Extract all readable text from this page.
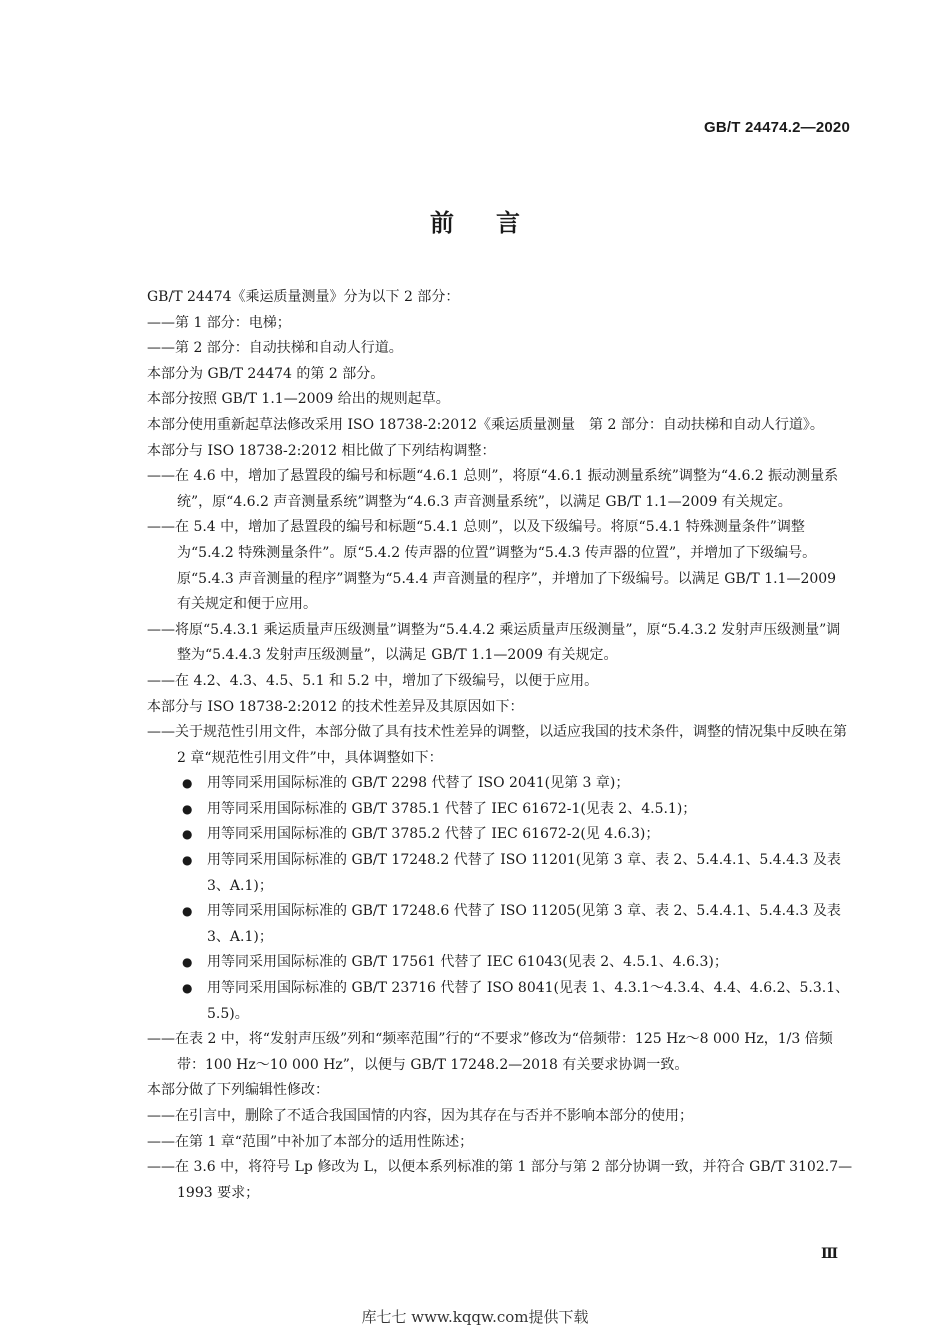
GB/T 24474.2—2020
前言

GB/T 24474《乘运质量测量》分为以下 2 部分：

——第 1 部分：电梯；

——第 2 部分：自动扶梯和自动人行道。

本部分为 GB/T 24474 的第 2 部分。

本部分按照 GB/T 1.1—2009 给出的规则起草。

本部分使用重新起草法修改采用 ISO 18738-2:2012《乘运质量测量　第 2 部分：自动扶梯和自动人行道》。

本部分与 ISO 18738-2:2012 相比做了下列结构调整：

——在 4.6 中，增加了悬置段的编号和标题“4.6.1 总则”，将原“4.6.1 振动测量系统”调整为“4.6.2 振动测量系统”，原“4.6.2 声音测量系统”调整为“4.6.3 声音测量系统”，以满足 GB/T 1.1—2009 有关规定。

——在 5.4 中，增加了悬置段的编号和标题“5.4.1 总则”，以及下级编号。将原“5.4.1 特殊测量条件”调整为“5.4.2 特殊测量条件”。原“5.4.2 传声器的位置”调整为“5.4.3 传声器的位置”，并增加了下级编号。原“5.4.3 声音测量的程序”调整为“5.4.4 声音测量的程序”，并增加了下级编号。以满足 GB/T 1.1—2009 有关规定和便于应用。

——将原“5.4.3.1 乘运质量声压级测量”调整为“5.4.4.2 乘运质量声压级测量”，原“5.4.3.2 发射声压级测量”调整为“5.4.4.3 发射声压级测量”，以满足 GB/T 1.1—2009 有关规定。

——在 4.2、4.3、4.5、5.1 和 5.2 中，增加了下级编号，以便于应用。

本部分与 ISO 18738-2:2012 的技术性差异及其原因如下：

——关于规范性引用文件，本部分做了具有技术性差异的调整，以适应我国的技术条件，调整的情况集中反映在第 2 章“规范性引用文件”中，具体调整如下：

● 用等同采用国际标准的 GB/T 2298 代替了 ISO 2041(见第 3 章)；

● 用等同采用国际标准的 GB/T 3785.1 代替了 IEC 61672-1(见表 2、4.5.1)；

● 用等同采用国际标准的 GB/T 3785.2 代替了 IEC 61672-2(见 4.6.3)；

● 用等同采用国际标准的 GB/T 17248.2 代替了 ISO 11201(见第 3 章、表 2、5.4.4.1、5.4.4.3 及表 3、A.1)；

● 用等同采用国际标准的 GB/T 17248.6 代替了 ISO 11205(见第 3 章、表 2、5.4.4.1、5.4.4.3 及表 3、A.1)；

● 用等同采用国际标准的 GB/T 17561 代替了 IEC 61043(见表 2、4.5.1、4.6.3)；

● 用等同采用国际标准的 GB/T 23716 代替了 ISO 8041(见表 1、4.3.1～4.3.4、4.4、4.6.2、5.3.1、5.5)。

——在表 2 中，将“发射声压级”列和“频率范围”行的“不要求”修改为“倍频带：125 Hz～8 000 Hz，1/3 倍频带：100 Hz～10 000 Hz”，以便与 GB/T 17248.2—2018 有关要求协调一致。

本部分做了下列编辑性修改：

——在引言中，删除了不适合我国国情的内容，因为其存在与否并不影响本部分的使用；

——在第 1 章“范围”中补加了本部分的适用性陈述；

——在 3.6 中，将符号 Lp 修改为 L，以便本系列标准的第 1 部分与第 2 部分协调一致，并符合 GB/T 3102.7—1993 要求；

Ⅲ
库七七 www.kqqw.com提供下载
